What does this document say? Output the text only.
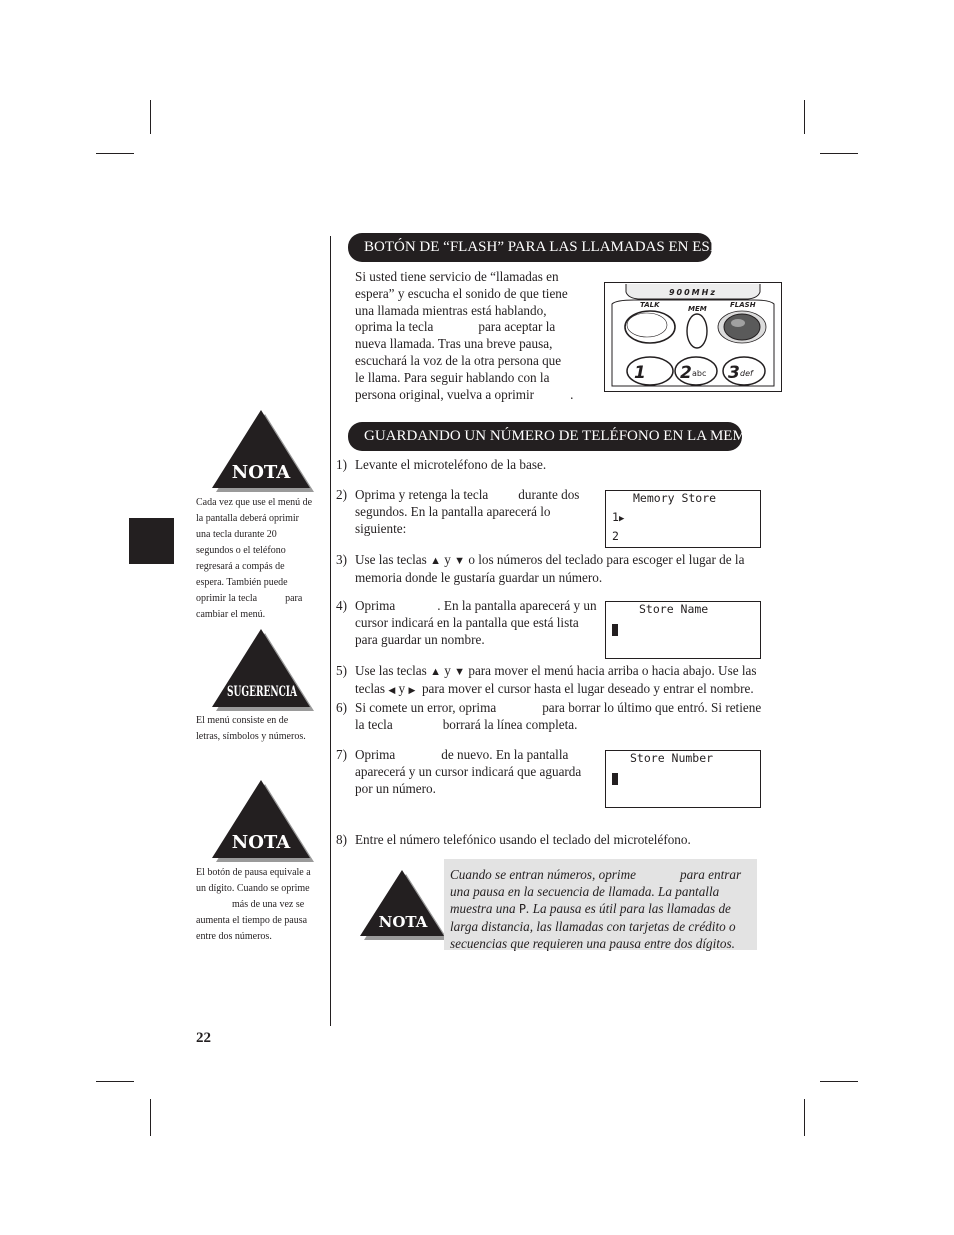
BOTÓN DE “FLASH” PARA LAS LLAMADAS EN ESPERA
Si usted tiene servicio de “llamadas en
espera” y escucha el sonido de que tiene
una llamada mientras está hablando,
oprima la tecla	para aceptar la
nueva llamada. Tras una breve pausa,
escuchará la voz de la otra persona que
le llama. Para seguir hablando con la
persona original, vuelva a oprimir	.
900MHz
TALK	MEM	FLASH
1 2 abc 3 def
GUARDANDO UN NÚMERO DE TELÉFONO EN LA MEMORIA
1) Levante el microteléfono de la base.
2) Oprima y retenga la tecla durante dos
segundos. En la pantalla aparecerá lo siguiente:
Memory Store
1▶
2
3) Use las teclas ▲ y ▼ o los números del teclado para escoger el lugar de la
memoria donde le gustaría guardar un número.
4) Oprima	. En la pantalla aparecerá y un
cursor indicará en la pantalla que está lista
para guardar un nombre.
Store Name
5) Use las teclas ▲ y ▼ para mover el menú hacia arriba o hacia abajo. Use las
teclas ◀ y ▶ para mover el cursor hasta el lugar deseado y entrar el nombre.
6) Si comete un error, oprima	para borrar lo último que entró. Si retiene
la tecla	borrará la línea completa.
7) Oprima	de nuevo. En la pantalla
aparecerá y un cursor indicará que aguarda
por un número.
Store Number
8) Entre el número telefónico usando el teclado del microteléfono.
NOTA
Cuando se entran números, oprime	para entrar
una pausa en la secuencia de llamada. La pantalla
muestra una P. La pausa es útil para las llamadas de
larga distancia, las llamadas con tarjetas de crédito o
secuencias que requieren una pausa entre dos dígitos.
NOTA
Cada vez que use el menú de
la pantalla deberá oprimir
una tecla durante 20
segundos o el teléfono
regresará a compás de
espera. También puede
oprimir la tecla	para
cambiar el menú.
SUGERENCIA
El menú consiste en de
letras, símbolos y números.
NOTA
El botón de pausa equivale a
un dígito. Cuando se oprime
más de una vez se
aumenta el tiempo de pausa
entre dos números.
22
